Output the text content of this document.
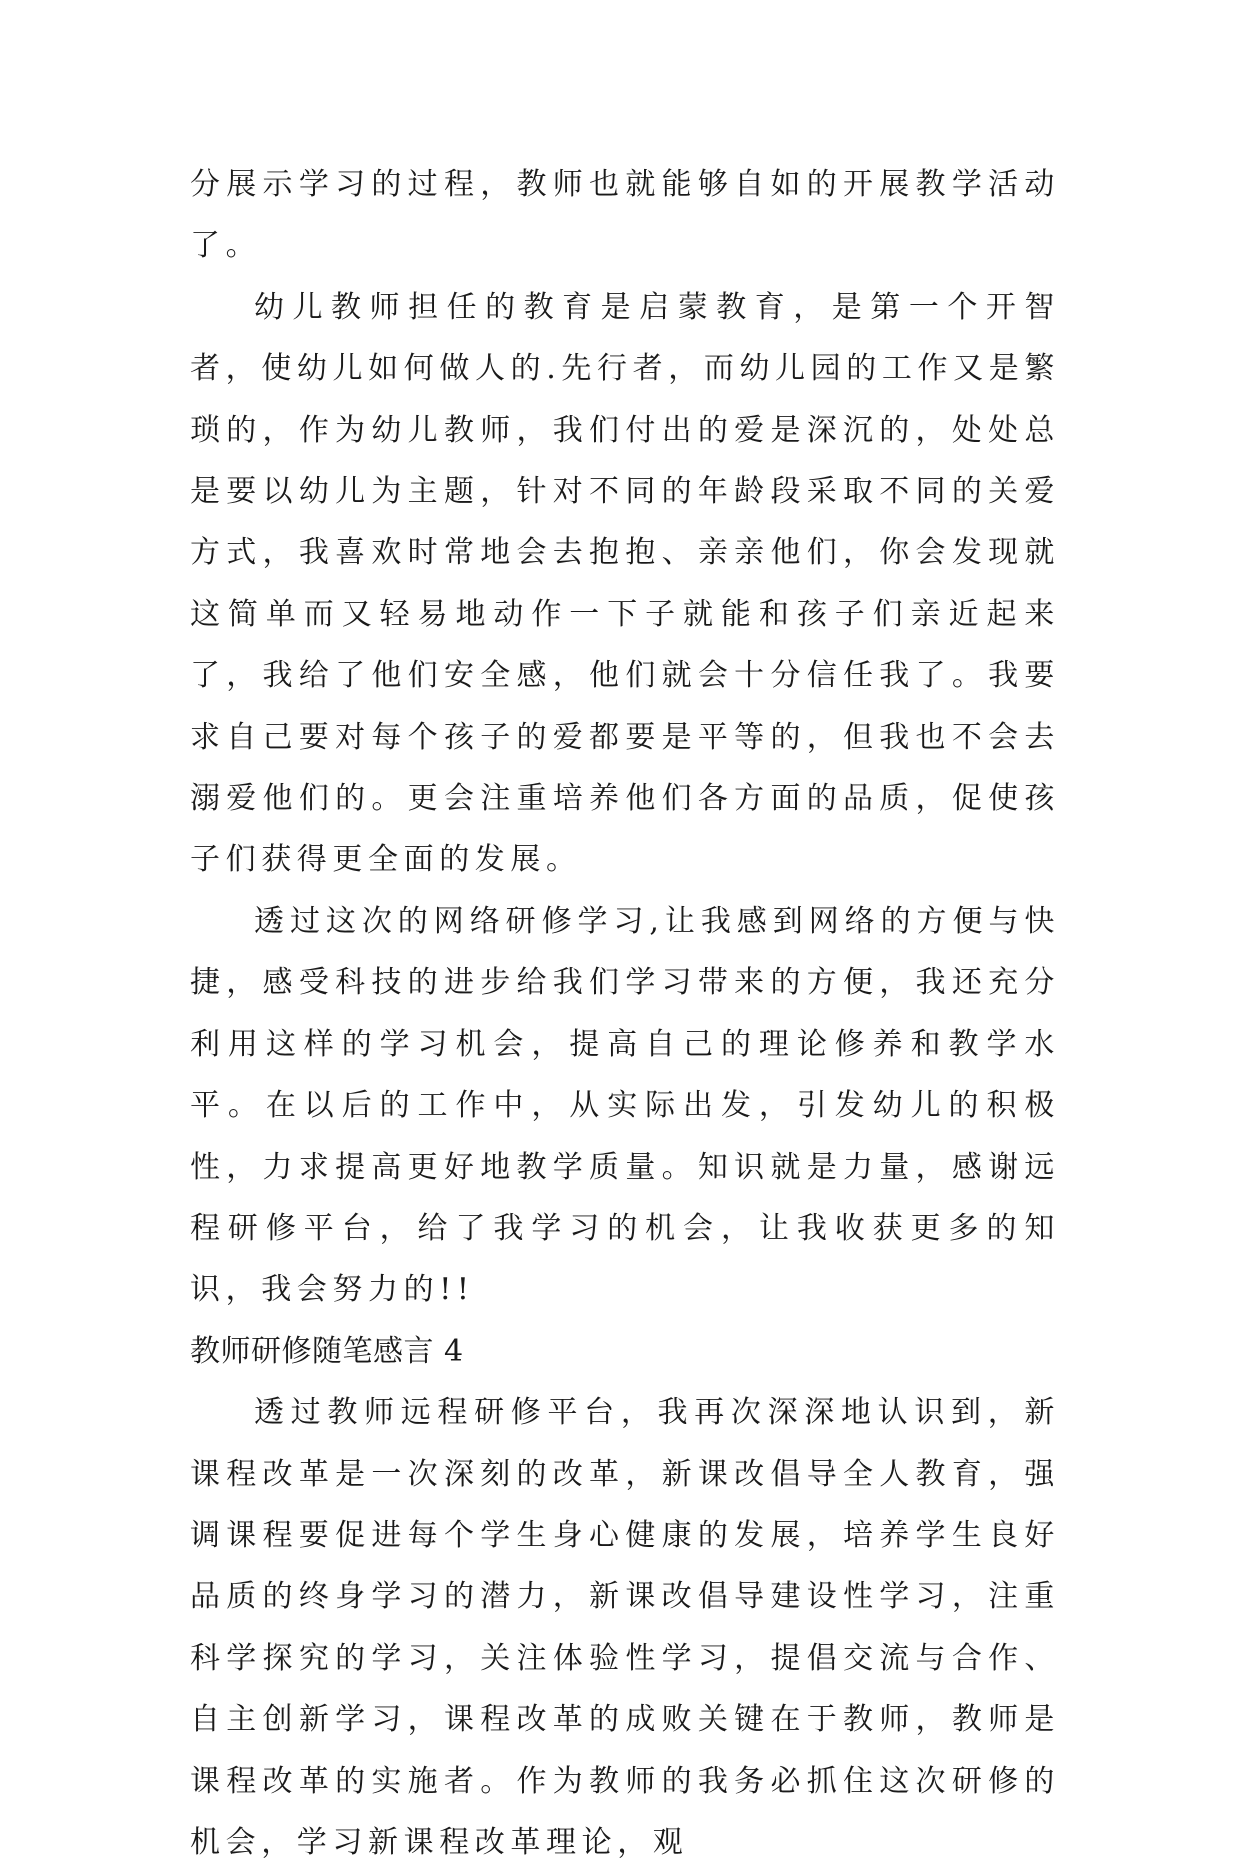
分展示学习的过程，教师也就能够自如的开展教学活动了。

幼儿教师担任的教育是启蒙教育，是第一个开智者，使幼儿如何做人的.先行者，而幼儿园的工作又是繁琐的，作为幼儿教师，我们付出的爱是深沉的，处处总是要以幼儿为主题，针对不同的年龄段采取不同的关爱方式，我喜欢时常地会去抱抱、亲亲他们，你会发现就这简单而又轻易地动作一下子就能和孩子们亲近起来了，我给了他们安全感，他们就会十分信任我了。我要求自己要对每个孩子的爱都要是平等的，但我也不会去溺爱他们的。更会注重培养他们各方面的品质，促使孩子们获得更全面的发展。

透过这次的网络研修学习,让我感到网络的方便与快捷，感受科技的进步给我们学习带来的方便，我还充分利用这样的学习机会，提高自己的理论修养和教学水平。在以后的工作中，从实际出发，引发幼儿的积极性，力求提高更好地教学质量。知识就是力量，感谢远程研修平台，给了我学习的机会，让我收获更多的知识，我会努力的!!

教师研修随笔感言 4

透过教师远程研修平台，我再次深深地认识到，新课程改革是一次深刻的改革，新课改倡导全人教育，强调课程要促进每个学生身心健康的发展，培养学生良好品质的终身学习的潜力，新课改倡导建设性学习，注重科学探究的学习，关注体验性学习，提倡交流与合作、自主创新学习，课程改革的成败关键在于教师，教师是课程改革的实施者。作为教师的我务必抓住这次研修的机会，学习新课程改革理论，观
